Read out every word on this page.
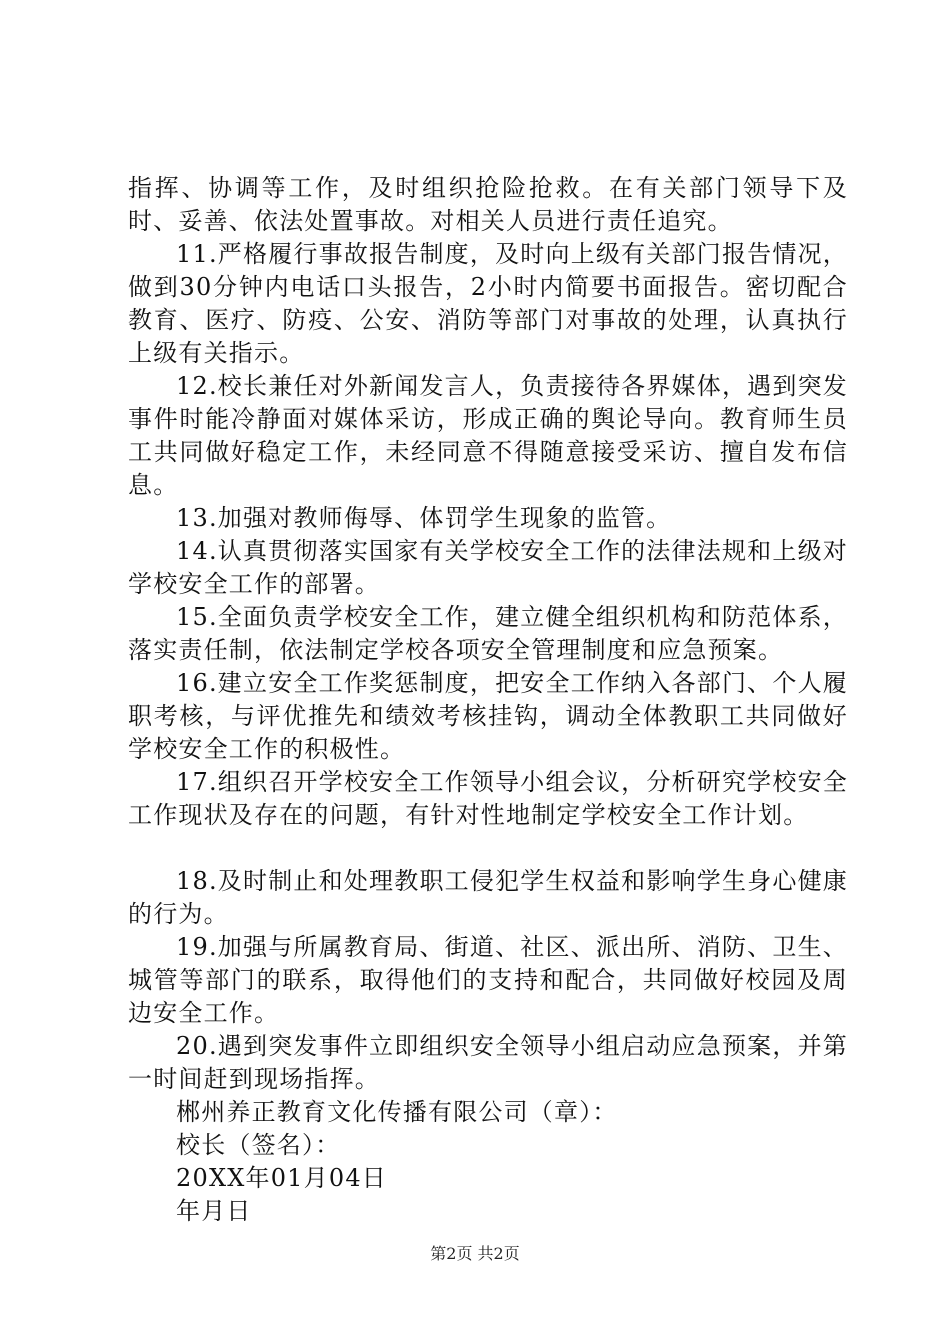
指挥、协调等工作，及时组织抢险抢救。在有关部门领导下及时、妥善、依法处置事故。对相关人员进行责任追究。

11.严格履行事故报告制度，及时向上级有关部门报告情况，做到30分钟内电话口头报告，2小时内简要书面报告。密切配合教育、医疗、防疫、公安、消防等部门对事故的处理，认真执行上级有关指示。

12.校长兼任对外新闻发言人，负责接待各界媒体，遇到突发事件时能冷静面对媒体采访，形成正确的舆论导向。教育师生员工共同做好稳定工作，未经同意不得随意接受采访、擅自发布信息。

13.加强对教师侮辱、体罚学生现象的监管。

14.认真贯彻落实国家有关学校安全工作的法律法规和上级对学校安全工作的部署。

15.全面负责学校安全工作，建立健全组织机构和防范体系，落实责任制，依法制定学校各项安全管理制度和应急预案。

16.建立安全工作奖惩制度，把安全工作纳入各部门、个人履职考核，与评优推先和绩效考核挂钩，调动全体教职工共同做好学校安全工作的积极性。

17.组织召开学校安全工作领导小组会议，分析研究学校安全工作现状及存在的问题，有针对性地制定学校安全工作计划。

18.及时制止和处理教职工侵犯学生权益和影响学生身心健康的行为。

19.加强与所属教育局、街道、社区、派出所、消防、卫生、城管等部门的联系，取得他们的支持和配合，共同做好校园及周边安全工作。

20.遇到突发事件立即组织安全领导小组启动应急预案，并第一时间赶到现场指挥。

郴州养正教育文化传播有限公司（章）：

校长（签名）：

20XX年01月04日

年月日

第2页 共2页
